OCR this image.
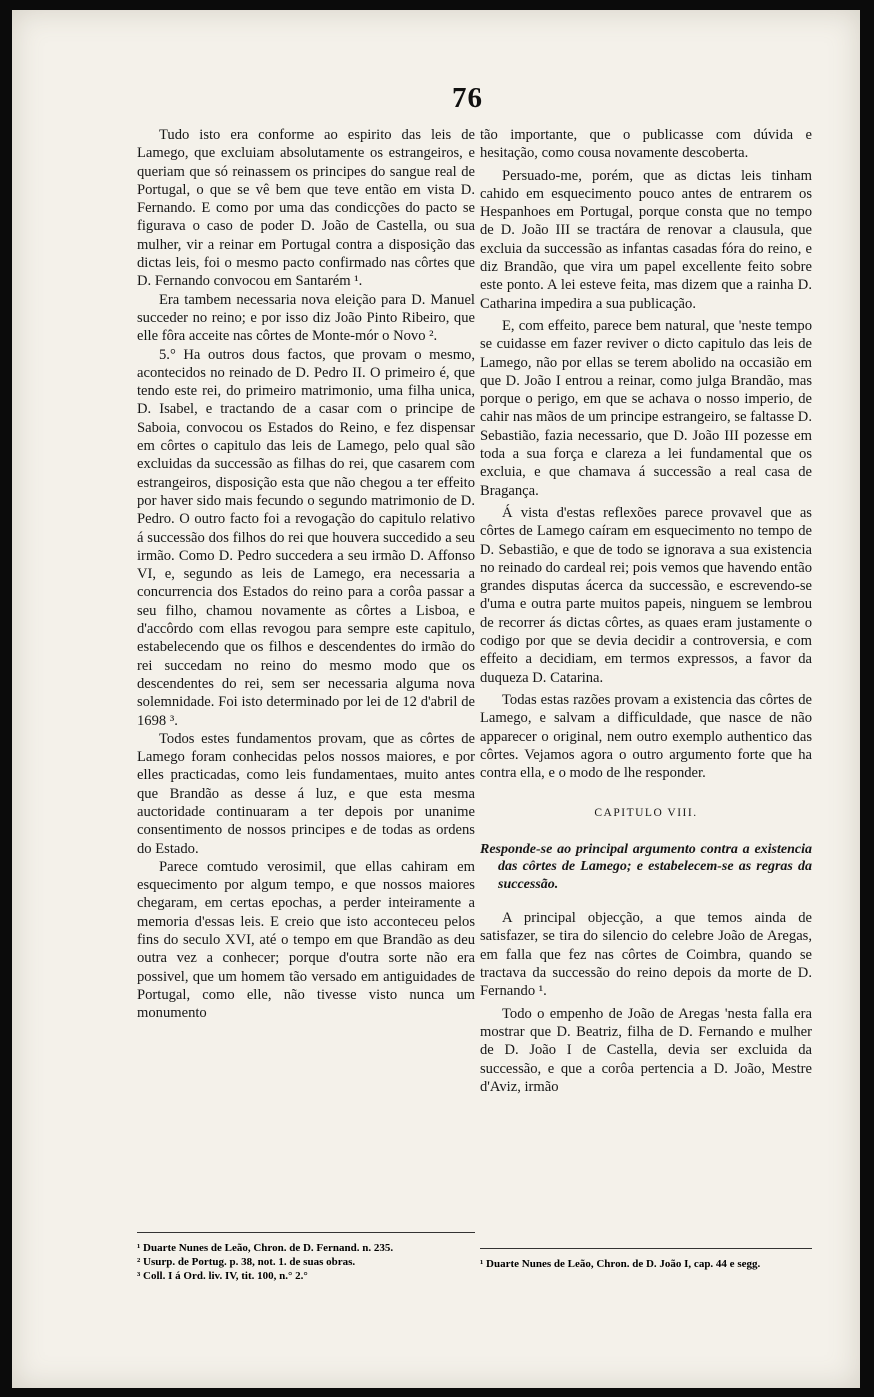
76

Tudo isto era conforme ao espirito das leis de Lamego, que excluiam absolutamente os estrangeiros, e queriam que só reinassem os principes do sangue real de Portugal, o que se vê bem que teve então em vista D. Fernando. E como por uma das condicções do pacto se figurava o caso de poder D. João de Castella, ou sua mulher, vir a reinar em Portugal contra a disposição das dictas leis, foi o mesmo pacto confirmado nas côrtes que D. Fernando convocou em Santarém ¹.

Era tambem necessaria nova eleição para D. Manuel succeder no reino; e por isso diz João Pinto Ribeiro, que elle fôra acceite nas côrtes de Monte-mór o Novo ².

5.° Ha outros dous factos, que provam o mesmo, acontecidos no reinado de D. Pedro II. O primeiro é, que tendo este rei, do primeiro matrimonio, uma filha unica, D. Isabel, e tractando de a casar com o principe de Saboia, convocou os Estados do Reino, e fez dispensar em côrtes o capitulo das leis de Lamego, pelo qual são excluidas da successão as filhas do rei, que casarem com estrangeiros, disposição esta que não chegou a ter effeito por haver sido mais fecundo o segundo matrimonio de D. Pedro. O outro facto foi a revogação do capitulo relativo á successão dos filhos do rei que houvera succedido a seu irmão. Como D. Pedro succedera a seu irmão D. Affonso VI, e, segundo as leis de Lamego, era necessaria a concurrencia dos Estados do reino para a corôa passar a seu filho, chamou novamente as côrtes a Lisboa, e d'accôrdo com ellas revogou para sempre este capitulo, estabelecendo que os filhos e descendentes do irmão do rei succedam no reino do mesmo modo que os descendentes do rei, sem ser necessaria alguma nova solemnidade. Foi isto determinado por lei de 12 d'abril de 1698 ³.

Todos estes fundamentos provam, que as côrtes de Lamego foram conhecidas pelos nossos maiores, e por elles practicadas, como leis fundamentaes, muito antes que Brandão as desse á luz, e que esta mesma auctoridade continuaram a ter depois por unanime consentimento de nossos principes e de todas as ordens do Estado.

Parece comtudo verosimil, que ellas cahiram em esquecimento por algum tempo, e que nossos maiores chegaram, em certas epochas, a perder inteiramente a memoria d'essas leis. E creio que isto acconteceu pelos fins do seculo XVI, até o tempo em que Brandão as deu outra vez a conhecer; porque d'outra sorte não era possivel, que um homem tão versado em antiguidades de Portugal, como elle, não tivesse visto nunca um monumento

¹ Duarte Nunes de Leão, Chron. de D. Fernand. n. 235.

² Usurp. de Portug. p. 38, not. 1. de suas obras.

³ Coll. I á Ord. liv. IV, tit. 100, n.° 2.°

tão importante, que o publicasse com dúvida e hesitação, como cousa novamente descoberta.

Persuado-me, porém, que as dictas leis tinham cahido em esquecimento pouco antes de entrarem os Hespanhoes em Portugal, porque consta que no tempo de D. João III se tractára de renovar a clausula, que excluia da successão as infantas casadas fóra do reino, e diz Brandão, que vira um papel excellente feito sobre este ponto. A lei esteve feita, mas dizem que a rainha D. Catharina impedira a sua publicação.

E, com effeito, parece bem natural, que 'neste tempo se cuidasse em fazer reviver o dicto capitulo das leis de Lamego, não por ellas se terem abolido na occasião em que D. João I entrou a reinar, como julga Brandão, mas porque o perigo, em que se achava o nosso imperio, de cahir nas mãos de um principe estrangeiro, se faltasse D. Sebastião, fazia necessario, que D. João III pozesse em toda a sua força e clareza a lei fundamental que os excluia, e que chamava á successão a real casa de Bragança.

Á vista d'estas reflexões parece provavel que as côrtes de Lamego caíram em esquecimento no tempo de D. Sebastião, e que de todo se ignorava a sua existencia no reinado do cardeal rei; pois vemos que havendo então grandes disputas ácerca da successão, e escrevendo-se d'uma e outra parte muitos papeis, ninguem se lembrou de recorrer ás dictas côrtes, as quaes eram justamente o codigo por que se devia decidir a controversia, e com effeito a decidiam, em termos expressos, a favor da duqueza D. Catarina.

Todas estas razões provam a existencia das côrtes de Lamego, e salvam a difficuldade, que nasce de não apparecer o original, nem outro exemplo authentico das côrtes. Vejamos agora o outro argumento forte que ha contra ella, e o modo de lhe responder.

CAPITULO VIII.

Responde-se ao principal argumento contra a existencia das côrtes de Lamego; e estabelecem-se as regras da successão.

A principal objecção, a que temos ainda de satisfazer, se tira do silencio do celebre João de Aregas, em falla que fez nas côrtes de Coimbra, quando se tractava da successão do reino depois da morte de D. Fernando ¹.

Todo o empenho de João de Aregas 'nesta falla era mostrar que D. Beatriz, filha de D. Fernando e mulher de D. João I de Castella, devia ser excluida da successão, e que a corôa pertencia a D. João, Mestre d'Aviz, irmão

¹ Duarte Nunes de Leão, Chron. de D. João I, cap. 44 e segg.
